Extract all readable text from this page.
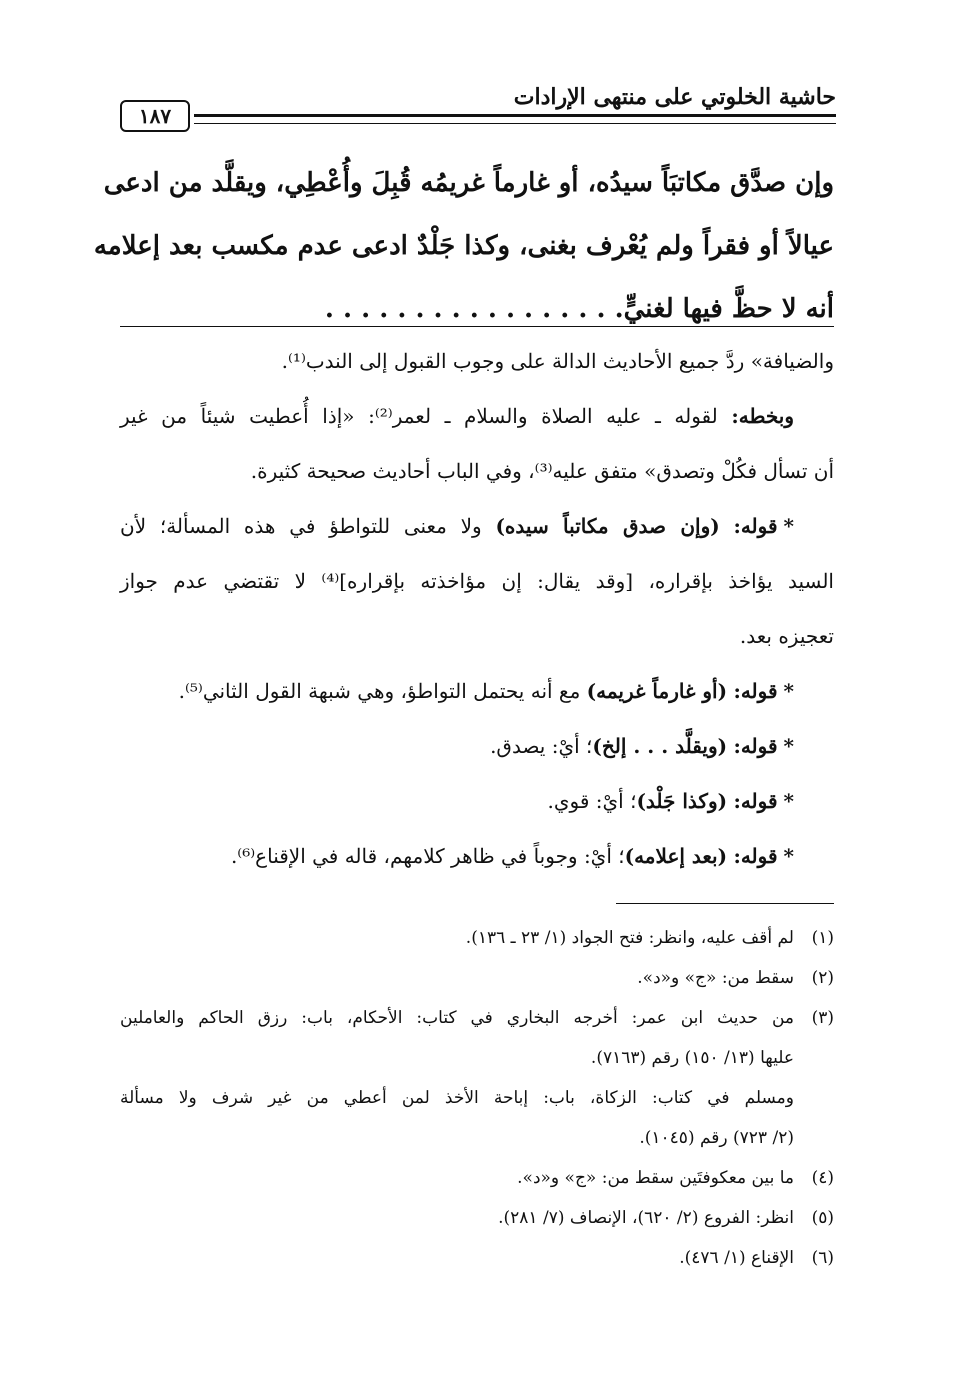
حاشية الخلوتي على منتهى الإرادات
١٨٧
وإن صدَّق مكاتبَاً سيدُه، أو غارماً غريمُه قُبِلَ وأُعْطِي، ويقلَّد من ادعى
عيالاً أو فقراً ولم يُعْرف بغنى، وكذا جَلْدٌ ادعى عدم مكسب بعد إعلامه
أنه لا حظَّ فيها لغنيٍّ. . . . . . . . . . . . . . . . .
والضيافة» ردَّ جميع الأحاديث الدالة على وجوب القبول إلى الندب⁽¹⁾.
وبخطه: لقوله ـ عليه الصلاة والسلام ـ لعمر⁽²⁾: «إذا أُعطيت شيئاً من غير
أن تسأل فكُلْ وتصدق» متفق عليه⁽³⁾، وفي الباب أحاديث صحيحة كثيرة.
*قوله: (وإن صدق مكاتباً سيده) ولا معنى للتواطؤ في هذه المسألة؛ لأن
السيد يؤاخذ بإقراره، [وقد يقال: إن مؤاخذته بإقراره]⁽⁴⁾ لا تقتضي عدم جواز
تعجيزه بعد.
*قوله: (أو غارماً غريمه) مع أنه يحتمل التواطؤ، وهي شبهة القول الثاني⁽⁵⁾.
*قوله: (ويقلَّد . . . إلخ)؛ أيْ: يصدق.
*قوله: (وكذا جَلْد)؛ أيْ: قوي.
*قوله: (بعد إعلامه)؛ أيْ: وجوباً في ظاهر كلامهم، قاله في الإقناع⁽⁶⁾.
(١)لم أقف عليه، وانظر: فتح الجواد (١/ ٢٣ ـ ١٣٦).
(٢)سقط من: «ج» و«د».
(٣)من حديث ابن عمر: أخرجه البخاري في كتاب: الأحكام، باب: رزق الحاكم والعاملين
عليها (١٣/ ١٥٠) رقم (٧١٦٣).
ومسلم في كتاب: الزكاة، باب: إباحة الأخذ لمن أعطي من غير شرف ولا مسألة
(٢/ ٧٢٣) رقم (١٠٤٥).
(٤)ما بين معكوفتَين سقط من: «ج» و«د».
(٥)انظر: الفروع (٢/ ٦٢٠)، الإنصاف (٧/ ٢٨١).
(٦)الإقناع (١/ ٤٧٦).
